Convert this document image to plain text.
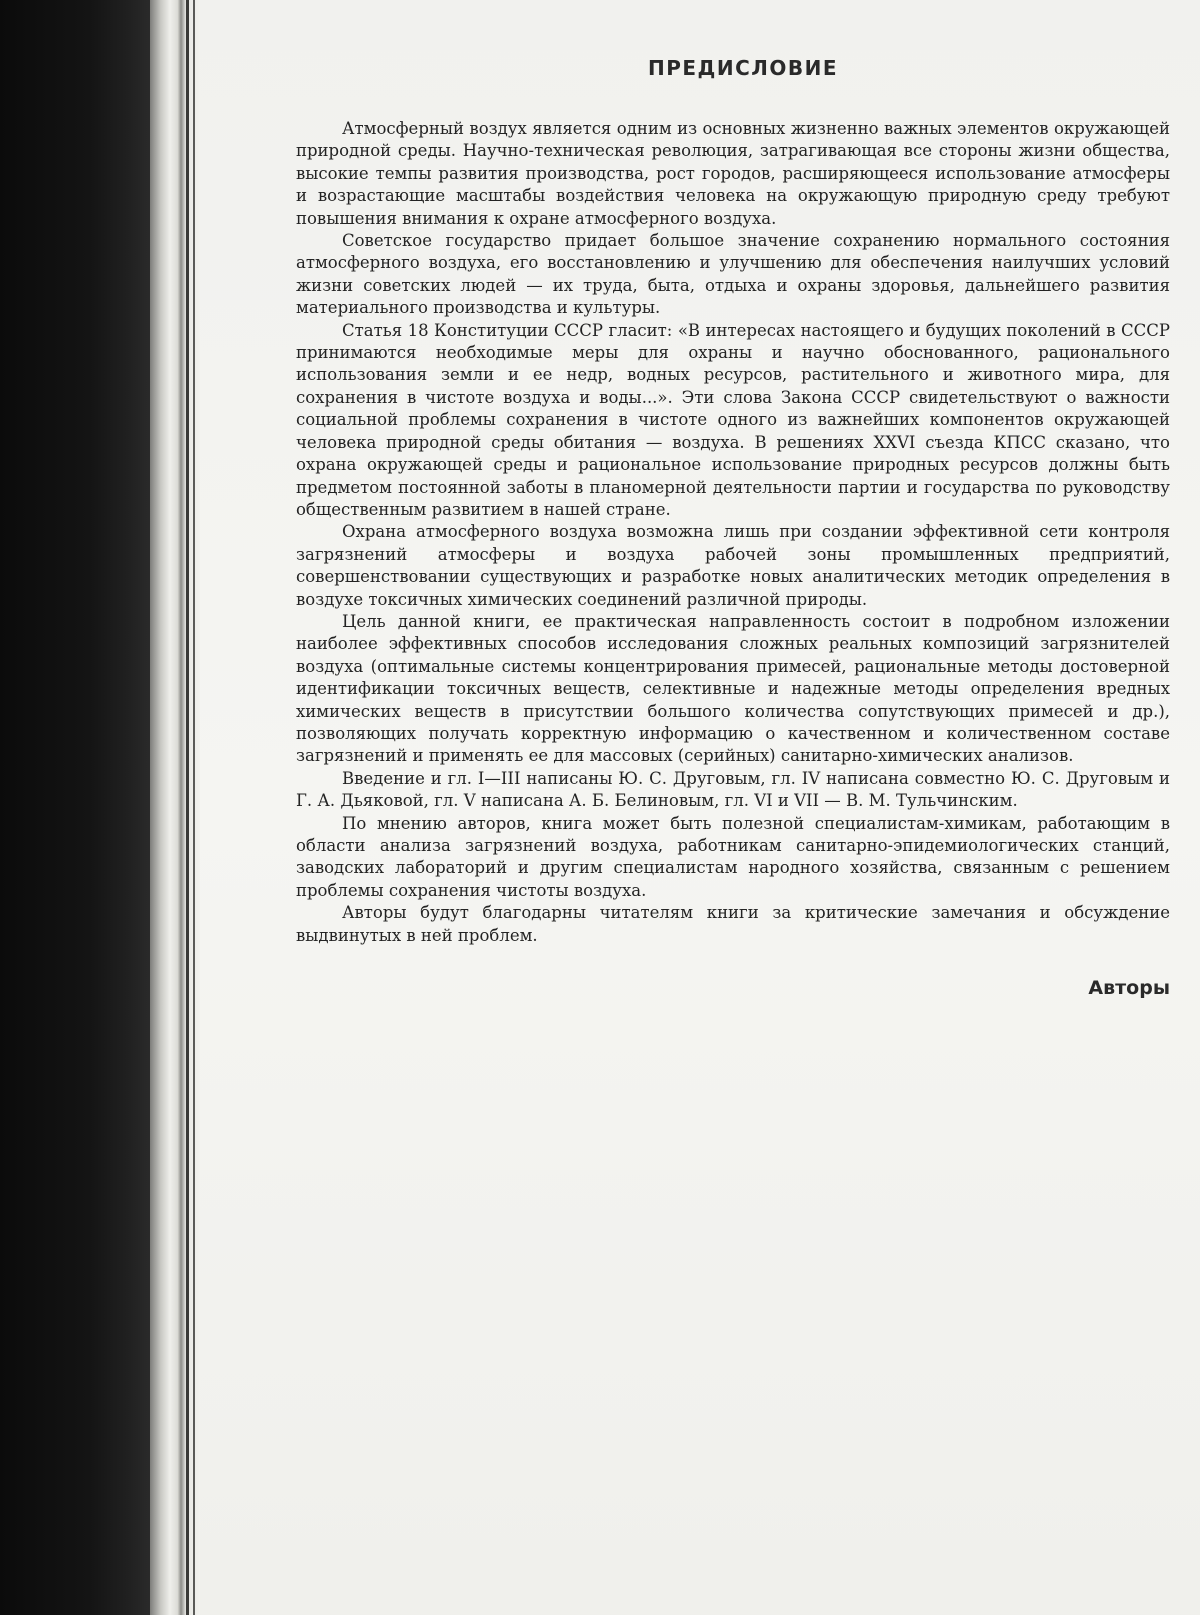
ПРЕДИСЛОВИЕ

Атмосферный воздух является одним из основных жизненно важных элементов окружающей природной среды. Научно-техническая революция, затрагивающая все стороны жизни общества, высокие темпы развития производства, рост городов, расширяющееся использование атмосферы и возрастающие масштабы воздействия человека на окружающую природную среду требуют повышения внимания к охране атмосферного воздуха.

Советское государство придает большое значение сохранению нормального состояния атмосферного воздуха, его восстановлению и улучшению для обеспечения наилучших условий жизни советских людей — их труда, быта, отдыха и охраны здоровья, дальнейшего развития материального производства и культуры.

Статья 18 Конституции СССР гласит: «В интересах настоящего и будущих поколений в СССР принимаются необходимые меры для охраны и научно обоснованного, рационального использования земли и ее недр, водных ресурсов, растительного и животного мира, для сохранения в чистоте воздуха и воды...». Эти слова Закона СССР свидетельствуют о важности социальной проблемы сохранения в чистоте одного из важнейших компонентов окружающей человека природной среды обитания — воздуха. В решениях XXVI съезда КПСС сказано, что охрана окружающей среды и рациональное использование природных ресурсов должны быть предметом постоянной заботы в планомерной деятельности партии и государства по руководству общественным развитием в нашей стране.

Охрана атмосферного воздуха возможна лишь при создании эффективной сети контроля загрязнений атмосферы и воздуха рабочей зоны промышленных предприятий, совершенствовании существующих и разработке новых аналитических методик определения в воздухе токсичных химических соединений различной природы.

Цель данной книги, ее практическая направленность состоит в подробном изложении наиболее эффективных способов исследования сложных реальных композиций загрязнителей воздуха (оптимальные системы концентрирования примесей, рациональные методы достоверной идентификации токсичных веществ, селективные и надежные методы определения вредных химических веществ в присутствии большого количества сопутствующих примесей и др.), позволяющих получать корректную информацию о качественном и количественном составе загрязнений и применять ее для массовых (серийных) санитарно-химических анализов.

Введение и гл. I—III написаны Ю. С. Друговым, гл. IV написана совместно Ю. С. Друговым и Г. А. Дьяковой, гл. V написана А. Б. Белиновым, гл. VI и VII — В. М. Тульчинским.

По мнению авторов, книга может быть полезной специалистам-химикам, работающим в области анализа загрязнений воздуха, работникам санитарно-эпидемиологических станций, заводских лабораторий и другим специалистам народного хозяйства, связанным с решением проблемы сохранения чистоты воздуха.

Авторы будут благодарны читателям книги за критические замечания и обсуждение выдвинутых в ней проблем.

Авторы
